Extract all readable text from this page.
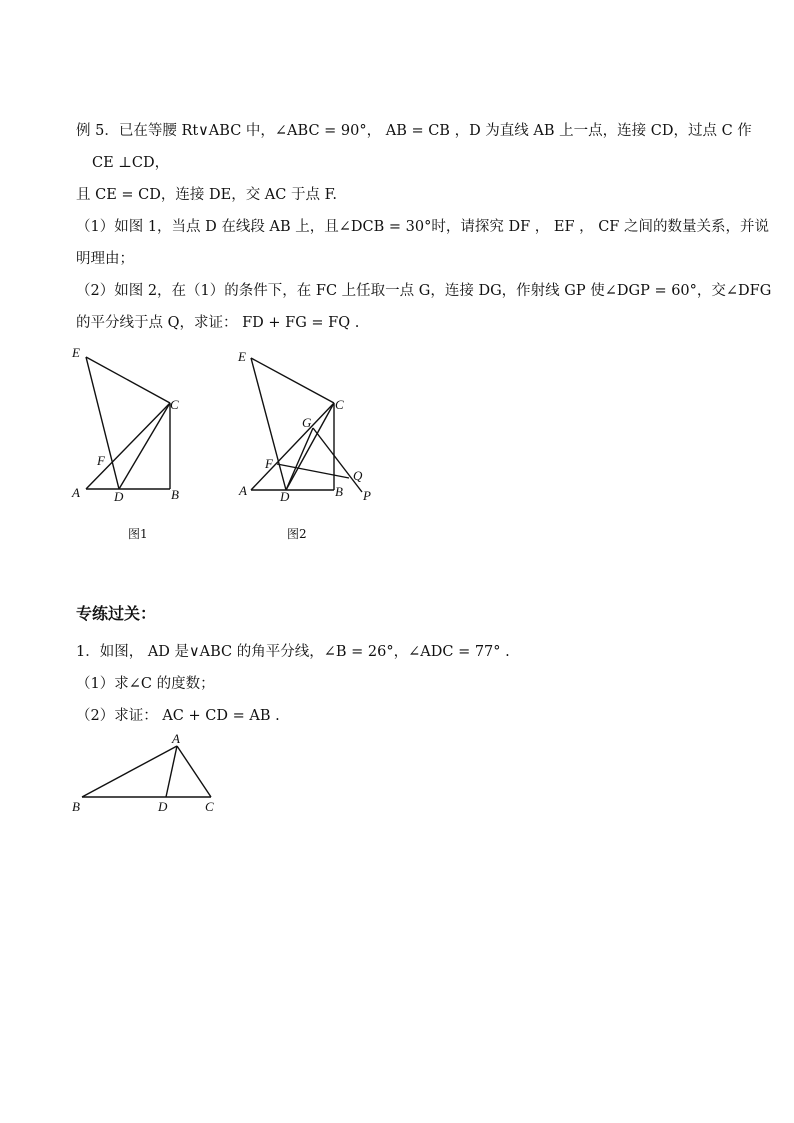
例 5．已在等腰 Rt∨ABC 中，∠ABC = 90°， AB = CB ，D 为直线 AB 上一点，连接 CD，过点 C 作
CE ⊥CD，
且 CE = CD，连接 DE，交 AC 于点 F.
（1）如图 1，当点 D 在线段 AB 上，且∠DCB = 30°时，请探究 DF ， EF ， CF 之间的数量关系，并说
明理由；
（2）如图 2，在（1）的条件下，在 FC 上任取一点 G，连接 DG，作射线 GP 使∠DGP = 60°，交∠DFG
的平分线于点 Q，求证： FD + FG = FQ .
E
C
F
A	D	B
图1
E
C
G
F
Q
A	D	B P
图2
专练过关：
1．如图， AD 是∨ABC 的角平分线，∠B = 26°，∠ADC = 77° .
（1）求∠C 的度数；
（2）求证： AC + CD = AB .
A
B	D	C
